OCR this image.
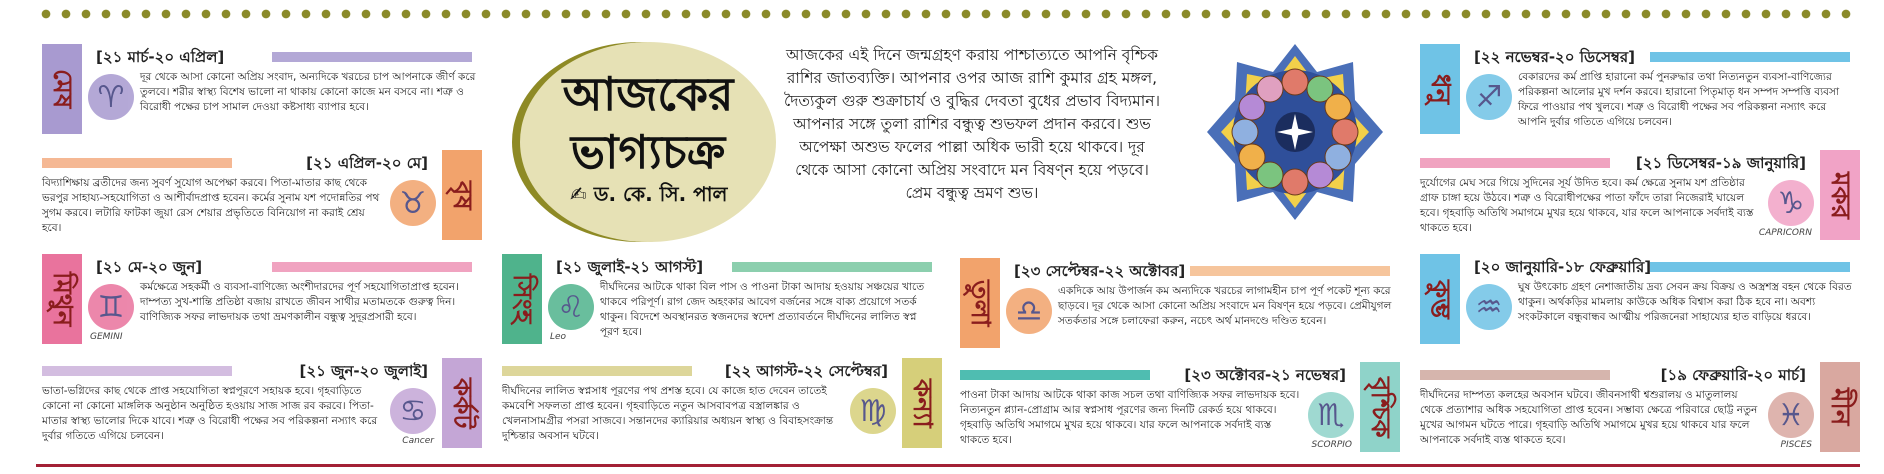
আজকের
ভাগ্যচক্র
✍ ড. কে. সি. পাল
আজকের এই দিনে জন্মগ্রহণ করায় পাশ্চাত্যতে আপনি বৃশ্চিক রাশির জাতব্যক্তি। আপনার ওপর আজ রাশি কুমার গ্রহ মঙ্গল, দৈত্যকুল গুরু শুক্রাচার্য ও বুদ্ধির দেবতা বুধের প্রভাব বিদ্যমান। আপনার সঙ্গে তুলা রাশির বন্ধুত্ব শুভফল প্রদান করবে। শুভ অপেক্ষা অশুভ ফলের পাল্লা অধিক ভারী হয়ে থাকবে। দূর থেকে আসা কোনো অপ্রিয় সংবাদে মন বিষণ্ন হয়ে পড়বে। প্রেম বন্ধুত্ব ভ্রমণ শুভ।
মেষ
[২১ মার্চ-২০ এপ্রিল]
♈
দূর থেকে আসা কোনো অপ্রিয় সংবাদ, অন্যদিকে খরচের চাপ আপনাকে জীর্ণ করে তুলবে। শরীর স্বাস্থ্য বিশেষ ভালো না থাকায় কোনো কাজে মন বসবে না। শত্রু ও বিরোধী পক্ষের চাপ সামাল দেওয়া কষ্টসাধ্য ব্যাপার হবে।
বৃষ
[২১ এপ্রিল-২০ মে]
♉
বিদ্যাশিক্ষায় ব্রতীদের জন্য সুবর্ণ সুযোগ অপেক্ষা করবে। পিতা-মাতার কাছ থেকে ভরপুর সাহায্য-সহযোগিতা ও আশীর্বাদপ্রাপ্ত হবেন। কর্মের সুনাম যশ পদোন্নতির পথ সুগম করবে। লটারি ফাটকা জুয়া রেস শেয়ার প্রভৃতিতে বিনিয়োগ না করাই শ্রেয় হবে।
মিথুন
[২১ মে-২০ জুন]
♊
কর্মক্ষেত্রে সহকর্মী ও ব্যবসা-বাণিজ্যে অংশীদারদের পূর্ণ সহযোগিতাপ্রাপ্ত হবেন। দাম্পত্য সুখ-শান্তি প্রতিষ্ঠা বজায় রাখতে জীবন সাথীর মতামতকে গুরুত্ব দিন। বাণিজ্যিক সফর লাভদায়ক তথা ভ্রমণকালীন বন্ধুত্ব সুদূরপ্রসারী হবে।
GEMINI
কর্কট
[২১ জুন-২০ জুলাই]
♋
ভাতা-ভগ্নিদের কাছ থেকে প্রাপ্ত সহযোগিতা স্বপ্নপূরণে সহায়ক হবে। গৃহবাড়িতে কোনো না কোনো মাঙ্গলিক অনুষ্ঠান অনুষ্ঠিত হওয়ায় সাজ সাজ রব করবে। পিতা-মাতার স্বাস্থ্য ভালোর দিকে যাবে। শত্রু ও বিরোধী পক্ষের সব পরিকল্পনা নস্যাৎ করে দুর্বার গতিতে এগিয়ে চলবেন।	Cancer
সিংহ
[২১ জুলাই-২১ আগস্ট]
♌
দীর্ঘদিনের আটকে থাকা বিল পাস ও পাওনা টাকা আদায় হওয়ায় সঞ্চয়ের খাতে থাকবে পরিপূর্ণ। রাগ জেদ অহংকার আবেগ বর্জনের সঙ্গে বাক্য প্রয়োগে সতর্ক থাকুন। বিদেশে অবস্থানরত স্বজনদের স্বদেশ প্রত্যাবর্তনে দীর্ঘদিনের লালিত স্বপ্ন পূরণ হবে।
Leo
কন্যা
[২২ আগস্ট-২২ সেপ্টেম্বর]
♍
দীর্ঘদিনের লালিত স্বপ্নসাধ পূরণের পথ প্রশস্ত হবে। যে কাজে হাত দেবেন তাতেই কমবেশি সফলতা প্রাপ্ত হবেন। গৃহবাড়িতে নতুন আসবাবপত্র বস্ত্রালঙ্কার ও খেলনাসামগ্রীর পসরা সাজবে। সন্তানদের ক্যারিয়ার অধ্যয়ন স্বাস্থ্য ও বিবাহসংক্রান্ত দুশ্চিন্তার অবসান ঘটবে।
তুলা
[২৩ সেপ্টেম্বর-২২ অক্টোবর]
♎
একদিকে আয় উপার্জন কম অন্যদিকে খরচের লাগামহীন চাপ পূর্ণ পকেট শূন্য করে ছাড়বে। দূর থেকে আসা কোনো অপ্রিয় সংবাদে মন বিষণ্ন হয়ে পড়বে। প্রেমীযুগল সতর্কতার সঙ্গে চলাফেরা করুন, নচেৎ অর্থ মানদণ্ডে দণ্ডিত হবেন।
বৃশ্চিক
[২৩ অক্টোবর-২১ নভেম্বর]
♏
পাওনা টাকা আদায় আটকে থাকা কাজ সচল তথা বাণিজ্যিক সফর লাভদায়ক হবে। নিত্যনতুন প্ল্যান-প্রোগ্রাম আর স্বপ্নসাধ পূরণের জন্য দিনটি রেকর্ড হয়ে থাকবে। গৃহবাড়ি অতিথি সমাগমে মুখর হয়ে থাকবে। যার ফলে আপনাকে সর্বদাই ব্যস্ত থাকতে হবে।	SCORPIO
ধনু
[২২ নভেম্বর-২০ ডিসেম্বর]
♐
বেকারদের কর্ম প্রাপ্তি হারানো কর্ম পুনরুদ্ধার তথা নিত্যনতুন ব্যবসা-বাণিজ্যের পরিকল্পনা আলোর মুখ দর্শন করবে। হারানো পিতৃমাতৃ ধন সম্পদ সম্পত্তি ব্যবসা ফিরে পাওয়ার পথ খুলবে। শত্রু ও বিরোধী পক্ষের সব পরিকল্পনা নস্যাৎ করে আপনি দুর্বার গতিতে এগিয়ে চলবেন।
মকর
[২১ ডিসেম্বর-১৯ জানুয়ারি]
♑
দুর্যোগের মেঘ সরে গিয়ে সুদিনের সূর্য উদিত হবে। কর্ম ক্ষেত্রে সুনাম যশ প্রতিষ্ঠার গ্রাফ চাঙ্গা হয়ে উঠবে। শত্রু ও বিরোধীপক্ষের পাতা ফাঁদে তারা নিজেরাই ঘায়েল হবে। গৃহবাড়ি অতিথি সমাগমে মুখর হয়ে থাকবে, যার ফলে আপনাকে সর্বদাই ব্যস্ত থাকতে হবে।	CAPRICORN
কুম্ভ
[২০ জানুয়ারি-১৮ ফেব্রুয়ারি]
♒
ঘুষ উৎকোচ গ্রহণ নেশাজাতীয় দ্রব্য সেবন ক্রয় বিক্রয় ও অস্ত্রশস্ত্র বহন থেকে বিরত থাকুন। অর্থকড়ির মামলায় কাউকে অধিক বিশ্বাস করা ঠিক হবে না। অবশ্য সংকটকালে বন্ধুবান্ধব আত্মীয় পরিজনেরা সাহায্যের হাত বাড়িয়ে ধরবে।
মীন
[১৯ ফেব্রুয়ারি-২০ মার্চ]
♓
দীর্ঘদিনের দাম্পত্য কলহের অবসান ঘটবে। জীবনসাথী শ্বশুরালয় ও মাতুলালয় থেকে প্রত্যাশার অধিক সহযোগিতা প্রাপ্ত হবেন। সম্ভাব্য ক্ষেত্রে পরিবারে ছোট্ট নতুন মুখের আগমন ঘটতে পারে। গৃহবাড়ি অতিথি সমাগমে মুখর হয়ে থাকবে যার ফলে আপনাকে সর্বদাই ব্যস্ত থাকতে হবে।	PISCES
